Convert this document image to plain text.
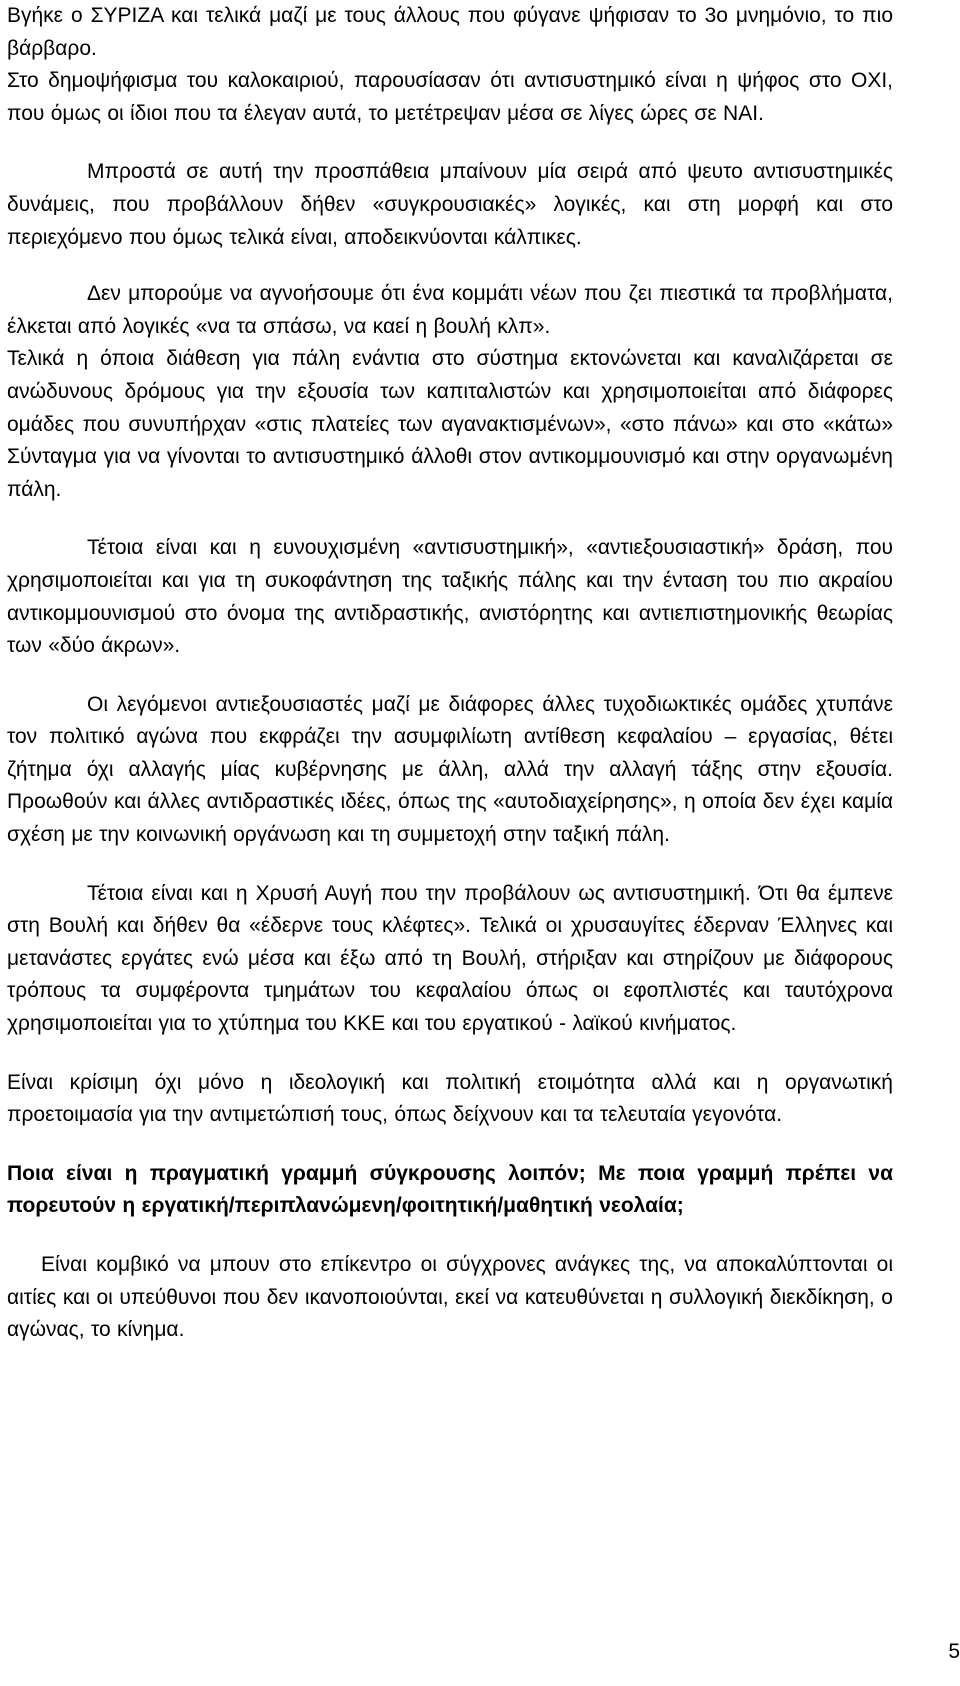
Βγήκε ο ΣΥΡΙΖΑ και τελικά μαζί με τους άλλους που φύγανε ψήφισαν το 3ο μνημόνιο, το πιο βάρβαρο.

Στο δημοψήφισμα του καλοκαιριού, παρουσίασαν ότι αντισυστημικό είναι η ψήφος στο ΟΧΙ, που όμως οι ίδιοι που τα έλεγαν αυτά, το μετέτρεψαν μέσα σε λίγες ώρες σε ΝΑΙ.

Μπροστά σε αυτή την προσπάθεια μπαίνουν μία σειρά από ψευτο αντισυστημικές δυνάμεις, που προβάλλουν δήθεν «συγκρουσιακές» λογικές, και στη μορφή και στο περιεχόμενο που όμως τελικά είναι, αποδεικνύονται κάλπικες.

Δεν μπορούμε να αγνοήσουμε ότι ένα κομμάτι νέων που ζει πιεστικά τα προβλήματα, έλκεται από λογικές «να τα σπάσω, να καεί η βουλή κλπ».

Τελικά η όποια διάθεση για πάλη ενάντια στο σύστημα εκτονώνεται και καναλιζάρεται σε ανώδυνους δρόμους για την εξουσία των καπιταλιστών και χρησιμοποιείται από διάφορες ομάδες που συνυπήρχαν «στις πλατείες των αγανακτισμένων», «στο πάνω» και στο «κάτω» Σύνταγμα για να γίνονται το αντισυστημικό άλλοθι στον αντικομμουνισμό και στην οργανωμένη πάλη.

Τέτοια είναι και η ευνουχισμένη «αντισυστημική», «αντιεξουσιαστική» δράση, που χρησιμοποιείται και για τη συκοφάντηση της ταξικής πάλης και την ένταση του πιο ακραίου αντικομμουνισμού στο όνομα της αντιδραστικής, ανιστόρητης και αντιεπιστημονικής θεωρίας των «δύο άκρων».

Οι λεγόμενοι αντιεξουσιαστές μαζί με διάφορες άλλες τυχοδιωκτικές ομάδες χτυπάνε τον πολιτικό αγώνα που εκφράζει την ασυμφιλίωτη αντίθεση κεφαλαίου – εργασίας, θέτει ζήτημα όχι αλλαγής μίας κυβέρνησης με άλλη, αλλά την αλλαγή τάξης στην εξουσία. Προωθούν και άλλες αντιδραστικές ιδέες, όπως της «αυτοδιαχείρησης», η οποία δεν έχει καμία σχέση με την κοινωνική οργάνωση και τη συμμετοχή στην ταξική πάλη.

Τέτοια είναι και η Χρυσή Αυγή που την προβάλουν ως αντισυστημική. Ότι θα έμπενε στη Βουλή και δήθεν θα «έδερνε τους κλέφτες». Τελικά οι χρυσαυγίτες έδερναν Έλληνες και μετανάστες εργάτες ενώ μέσα και έξω από τη Βουλή, στήριξαν και στηρίζουν με διάφορους τρόπους τα συμφέροντα τμημάτων του κεφαλαίου όπως οι εφοπλιστές και ταυτόχρονα χρησιμοποιείται για το χτύπημα του ΚΚΕ και του εργατικού - λαϊκού κινήματος.

Είναι κρίσιμη όχι μόνο η ιδεολογική και πολιτική ετοιμότητα αλλά και η οργανωτική προετοιμασία για την αντιμετώπισή τους, όπως δείχνουν και τα τελευταία γεγονότα.

Ποια είναι η πραγματική γραμμή σύγκρουσης λοιπόν; Με ποια γραμμή πρέπει να πορευτούν η εργατική/περιπλανώμενη/φοιτητική/μαθητική νεολαία;

Είναι κομβικό να μπουν στο επίκεντρο οι σύγχρονες ανάγκες της, να αποκαλύπτονται οι αιτίες και οι υπεύθυνοι που δεν ικανοποιούνται, εκεί να κατευθύνεται η συλλογική διεκδίκηση, ο αγώνας, το κίνημα.

5
